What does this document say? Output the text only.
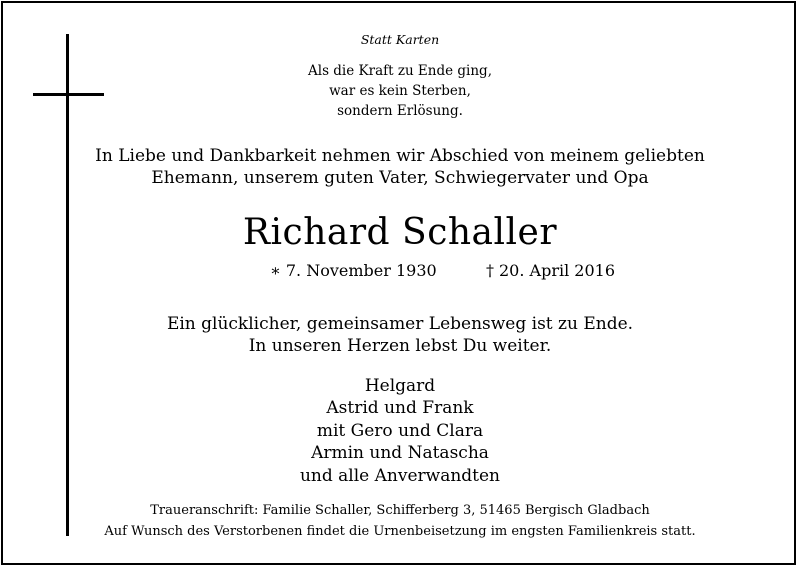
Statt Karten
Als die Kraft zu Ende ging,
war es kein Sterben,
sondern Erlösung.
In Liebe und Dankbarkeit nehmen wir Abschied von meinem geliebten
Ehemann, unserem guten Vater, Schwiegervater und Opa
Richard Schaller
∗ 7. November 1930	† 20. April 2016
Ein glücklicher, gemeinsamer Lebensweg ist zu Ende.
In unseren Herzen lebst Du weiter.
Helgard
Astrid und Frank
mit Gero und Clara
Armin und Natascha
und alle Anverwandten
Traueranschrift: Familie Schaller, Schifferberg 3, 51465 Bergisch Gladbach
Auf Wunsch des Verstorbenen findet die Urnenbeisetzung im engsten Familienkreis statt.
